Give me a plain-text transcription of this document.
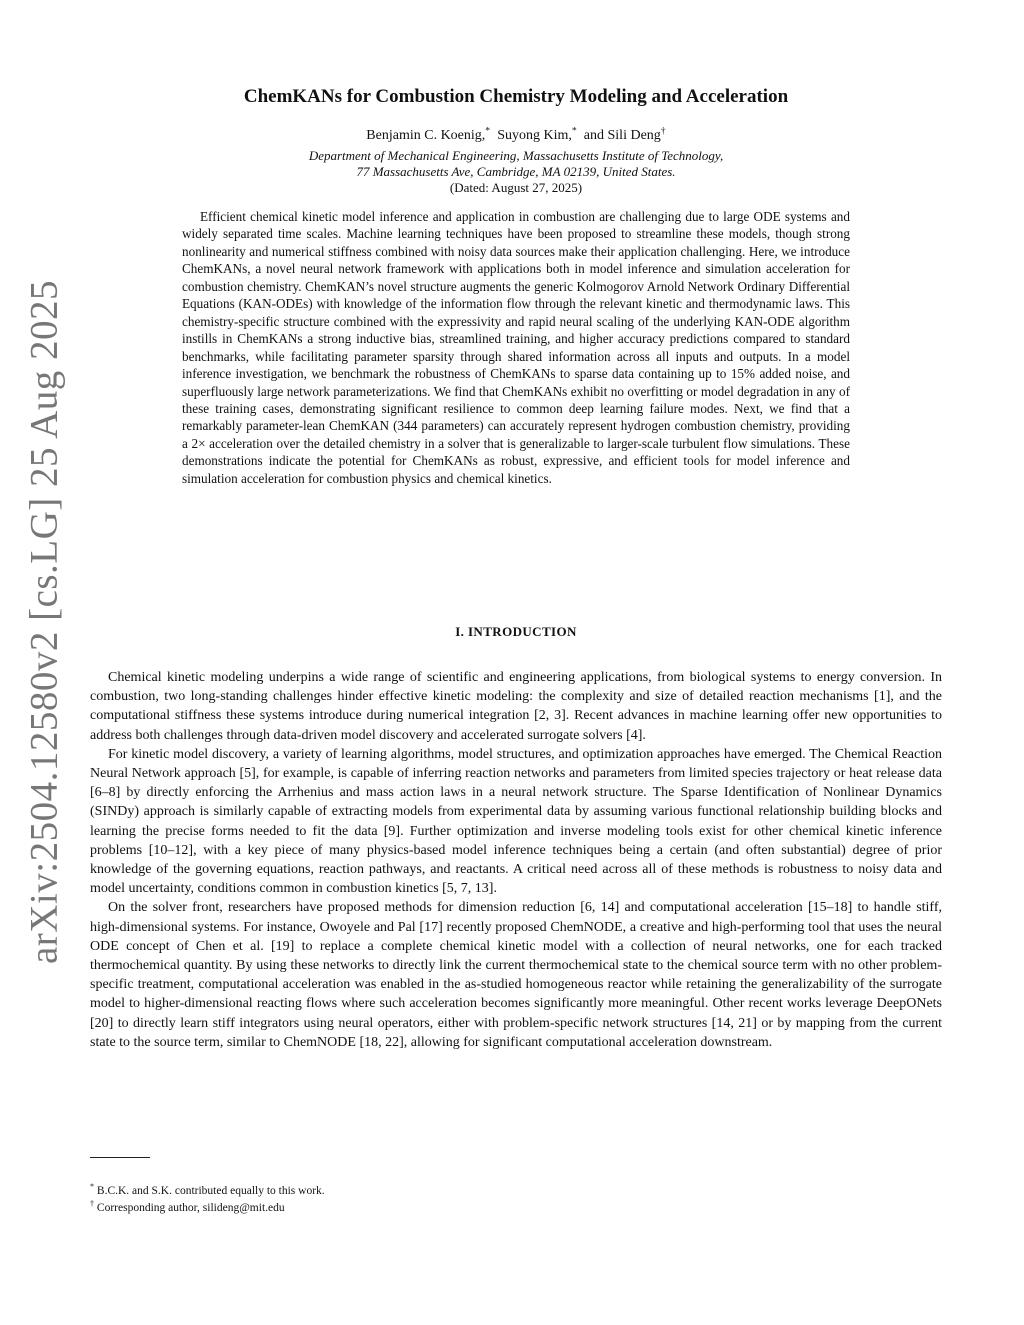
arXiv:2504.12580v2 [cs.LG] 25 Aug 2025
ChemKANs for Combustion Chemistry Modeling and Acceleration
Benjamin C. Koenig,* Suyong Kim,* and Sili Deng†
Department of Mechanical Engineering, Massachusetts Institute of Technology,
77 Massachusetts Ave, Cambridge, MA 02139, United States.
(Dated: August 27, 2025)
Efficient chemical kinetic model inference and application in combustion are challenging due to large ODE systems and widely separated time scales. Machine learning techniques have been proposed to streamline these models, though strong nonlinearity and numerical stiffness combined with noisy data sources make their application challenging. Here, we introduce ChemKANs, a novel neural network framework with applications both in model inference and simulation acceleration for combustion chemistry. ChemKAN’s novel structure augments the generic Kolmogorov Arnold Network Ordinary Differential Equations (KAN-ODEs) with knowledge of the information flow through the relevant kinetic and thermodynamic laws. This chemistry-specific structure combined with the expressivity and rapid neural scaling of the underlying KAN-ODE algorithm instills in ChemKANs a strong inductive bias, streamlined training, and higher accuracy predictions compared to standard benchmarks, while facilitating parameter sparsity through shared information across all inputs and outputs. In a model inference investigation, we benchmark the robustness of ChemKANs to sparse data containing up to 15% added noise, and superfluously large network parameterizations. We find that ChemKANs exhibit no overfitting or model degradation in any of these training cases, demonstrating significant resilience to common deep learning failure modes. Next, we find that a remarkably parameter-lean ChemKAN (344 parameters) can accurately represent hydrogen combustion chemistry, providing a 2× acceleration over the detailed chemistry in a solver that is generalizable to larger-scale turbulent flow simulations. These demonstrations indicate the potential for ChemKANs as robust, expressive, and efficient tools for model inference and simulation acceleration for combustion physics and chemical kinetics.
I. INTRODUCTION

Chemical kinetic modeling underpins a wide range of scientific and engineering applications, from biological systems to energy conversion. In combustion, two long-standing challenges hinder effective kinetic modeling: the complexity and size of detailed reaction mechanisms [1], and the computational stiffness these systems introduce during numerical integration [2, 3]. Recent advances in machine learning offer new opportunities to address both challenges through data-driven model discovery and accelerated surrogate solvers [4].

For kinetic model discovery, a variety of learning algorithms, model structures, and optimization approaches have emerged. The Chemical Reaction Neural Network approach [5], for example, is capable of inferring reaction networks and parameters from limited species trajectory or heat release data [6–8] by directly enforcing the Arrhenius and mass action laws in a neural network structure. The Sparse Identification of Nonlinear Dynamics (SINDy) approach is similarly capable of extracting models from experimental data by assuming various functional relationship building blocks and learning the precise forms needed to fit the data [9]. Further optimization and inverse modeling tools exist for other chemical kinetic inference problems [10–12], with a key piece of many physics-based model inference techniques being a certain (and often substantial) degree of prior knowledge of the governing equations, reaction pathways, and reactants. A critical need across all of these methods is robustness to noisy data and model uncertainty, conditions common in combustion kinetics [5, 7, 13].

On the solver front, researchers have proposed methods for dimension reduction [6, 14] and computational acceleration [15–18] to handle stiff, high-dimensional systems. For instance, Owoyele and Pal [17] recently proposed ChemNODE, a creative and high-performing tool that uses the neural ODE concept of Chen et al. [19] to replace a complete chemical kinetic model with a collection of neural networks, one for each tracked thermochemical quantity. By using these networks to directly link the current thermochemical state to the chemical source term with no other problem-specific treatment, computational acceleration was enabled in the as-studied homogeneous reactor while retaining the generalizability of the surrogate model to higher-dimensional reacting flows where such acceleration becomes significantly more meaningful. Other recent works leverage DeepONets [20] to directly learn stiff integrators using neural operators, either with problem-specific network structures [14, 21] or by mapping from the current state to the source term, similar to ChemNODE [18, 22], allowing for significant computational acceleration downstream.

* B.C.K. and S.K. contributed equally to this work.
† Corresponding author, silideng@mit.edu
